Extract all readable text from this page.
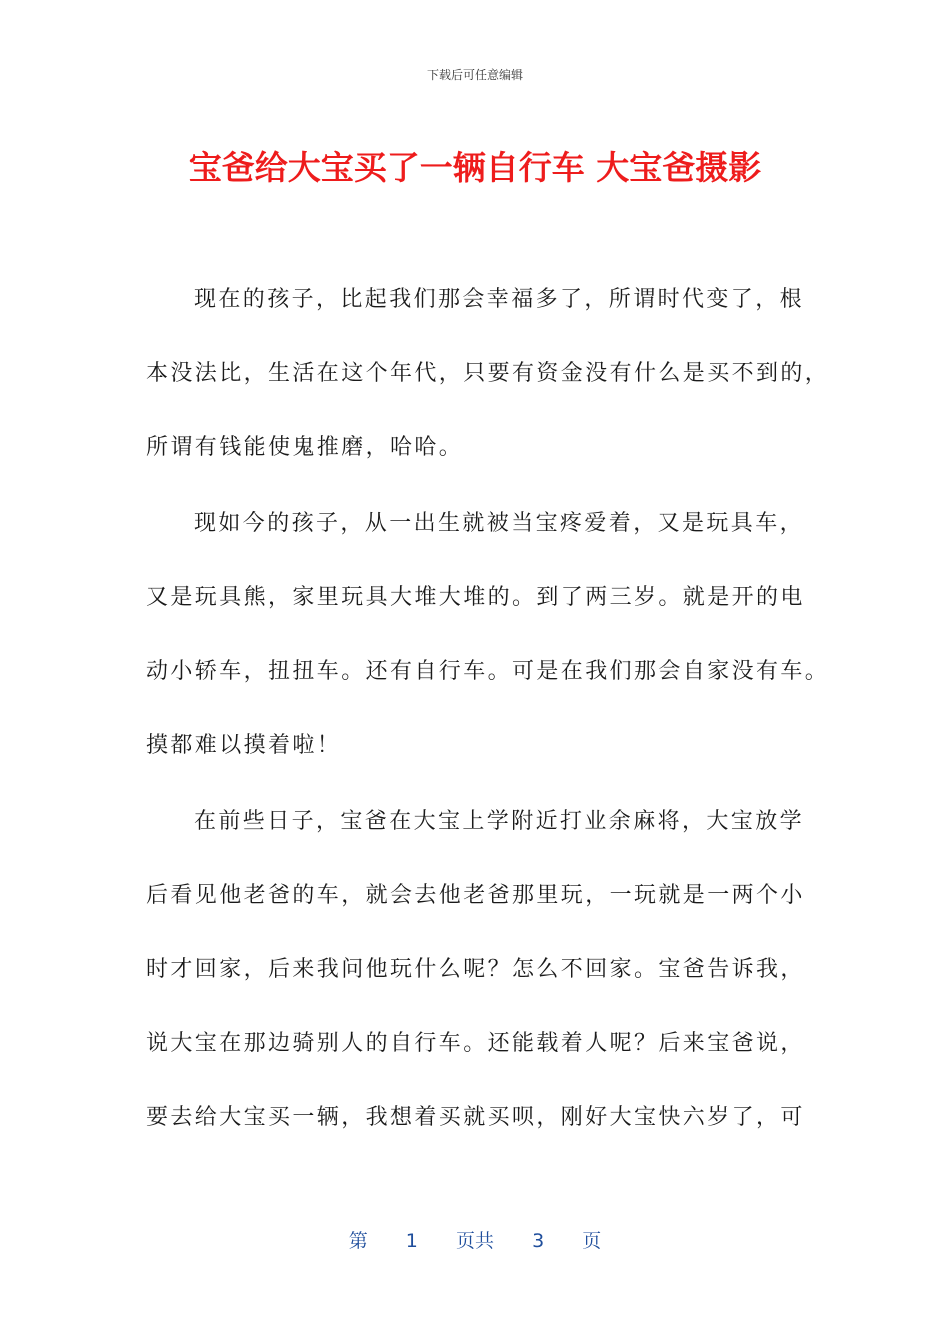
下载后可任意编辑
宝爸给大宝买了一辆自行车 大宝爸摄影
现在的孩子，比起我们那会幸福多了，所谓时代变了，根
本没法比，生活在这个年代，只要有资金没有什么是买不到的，
所谓有钱能使鬼推磨，哈哈。
现如今的孩子，从一出生就被当宝疼爱着，又是玩具车，
又是玩具熊，家里玩具大堆大堆的。到了两三岁。就是开的电
动小轿车，扭扭车。还有自行车。可是在我们那会自家没有车。
摸都难以摸着啦！
在前些日子，宝爸在大宝上学附近打业余麻将，大宝放学
后看见他老爸的车，就会去他老爸那里玩，一玩就是一两个小
时才回家，后来我问他玩什么呢？怎么不回家。宝爸告诉我，
说大宝在那边骑别人的自行车。还能载着人呢？后来宝爸说，
要去给大宝买一辆，我想着买就买呗，刚好大宝快六岁了，可
第 1 页共 3 页
